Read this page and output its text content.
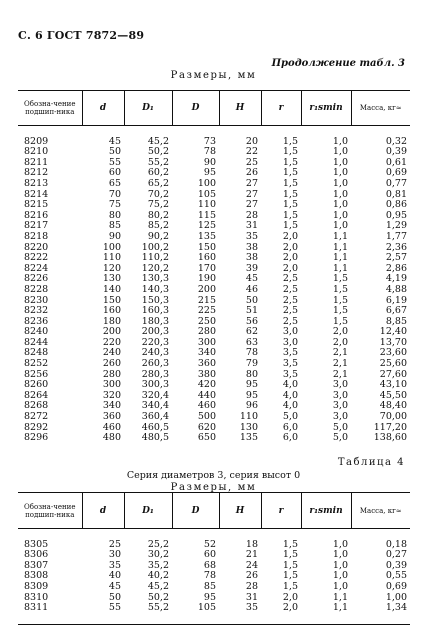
С. 6 ГОСТ 7872—89
Продолжение табл. 3
Размеры, мм
Обозна-чение подшип-ника	d	D₁	D	H	r	r₁smin	Масса, кг≈

8209	45	45,2	73	20	1,5	1,0	0,32
8210	50	50,2	78	22	1,5	1,0	0,39
8211	55	55,2	90	25	1,5	1,0	0,61
8212	60	60,2	95	26	1,5	1,0	0,69
8213	65	65,2	100	27	1,5	1,0	0,77
8214	70	70,2	105	27	1,5	1,0	0,81
8215	75	75,2	110	27	1,5	1,0	0,86
8216	80	80,2	115	28	1,5	1,0	0,95
8217	85	85,2	125	31	1,5	1,0	1,29
8218	90	90,2	135	35	2,0	1,1	1,77
8220	100	100,2	150	38	2,0	1,1	2,36
8222	110	110,2	160	38	2,0	1,1	2,57
8224	120	120,2	170	39	2,0	1,1	2,86
8226	130	130,3	190	45	2,5	1,5	4,19
8228	140	140,3	200	46	2,5	1,5	4,88
8230	150	150,3	215	50	2,5	1,5	6,19
8232	160	160,3	225	51	2,5	1,5	6,67
8236	180	180,3	250	56	2,5	1,5	8,85
8240	200	200,3	280	62	3,0	2,0	12,40
8244	220	220,3	300	63	3,0	2,0	13,70
8248	240	240,3	340	78	3,5	2,1	23,60
8252	260	260,3	360	79	3,5	2,1	25,60
8256	280	280,3	380	80	3,5	2,1	27,60
8260	300	300,3	420	95	4,0	3,0	43,10
8264	320	320,4	440	95	4,0	3,0	45,50
8268	340	340,4	460	96	4,0	3,0	48,40
8272	360	360,4	500	110	5,0	3,0	70,00
8292	460	460,5	620	130	6,0	5,0	117,20
8296	480	480,5	650	135	6,0	5,0	138,60
Таблица 4
Серия диаметров 3, серия высот 0
Размеры, мм
Обозна-чение подшип-ника	d	D₁	D	H	r	r₁smin	Масса, кг≈

8305	25	25,2	52	18	1,5	1,0	0,18
8306	30	30,2	60	21	1,5	1,0	0,27
8307	35	35,2	68	24	1,5	1,0	0,39
8308	40	40,2	78	26	1,5	1,0	0,55
8309	45	45,2	85	28	1,5	1,0	0,69
8310	50	50,2	95	31	2,0	1,1	1,00
8311	55	55,2	105	35	2,0	1,1	1,34
